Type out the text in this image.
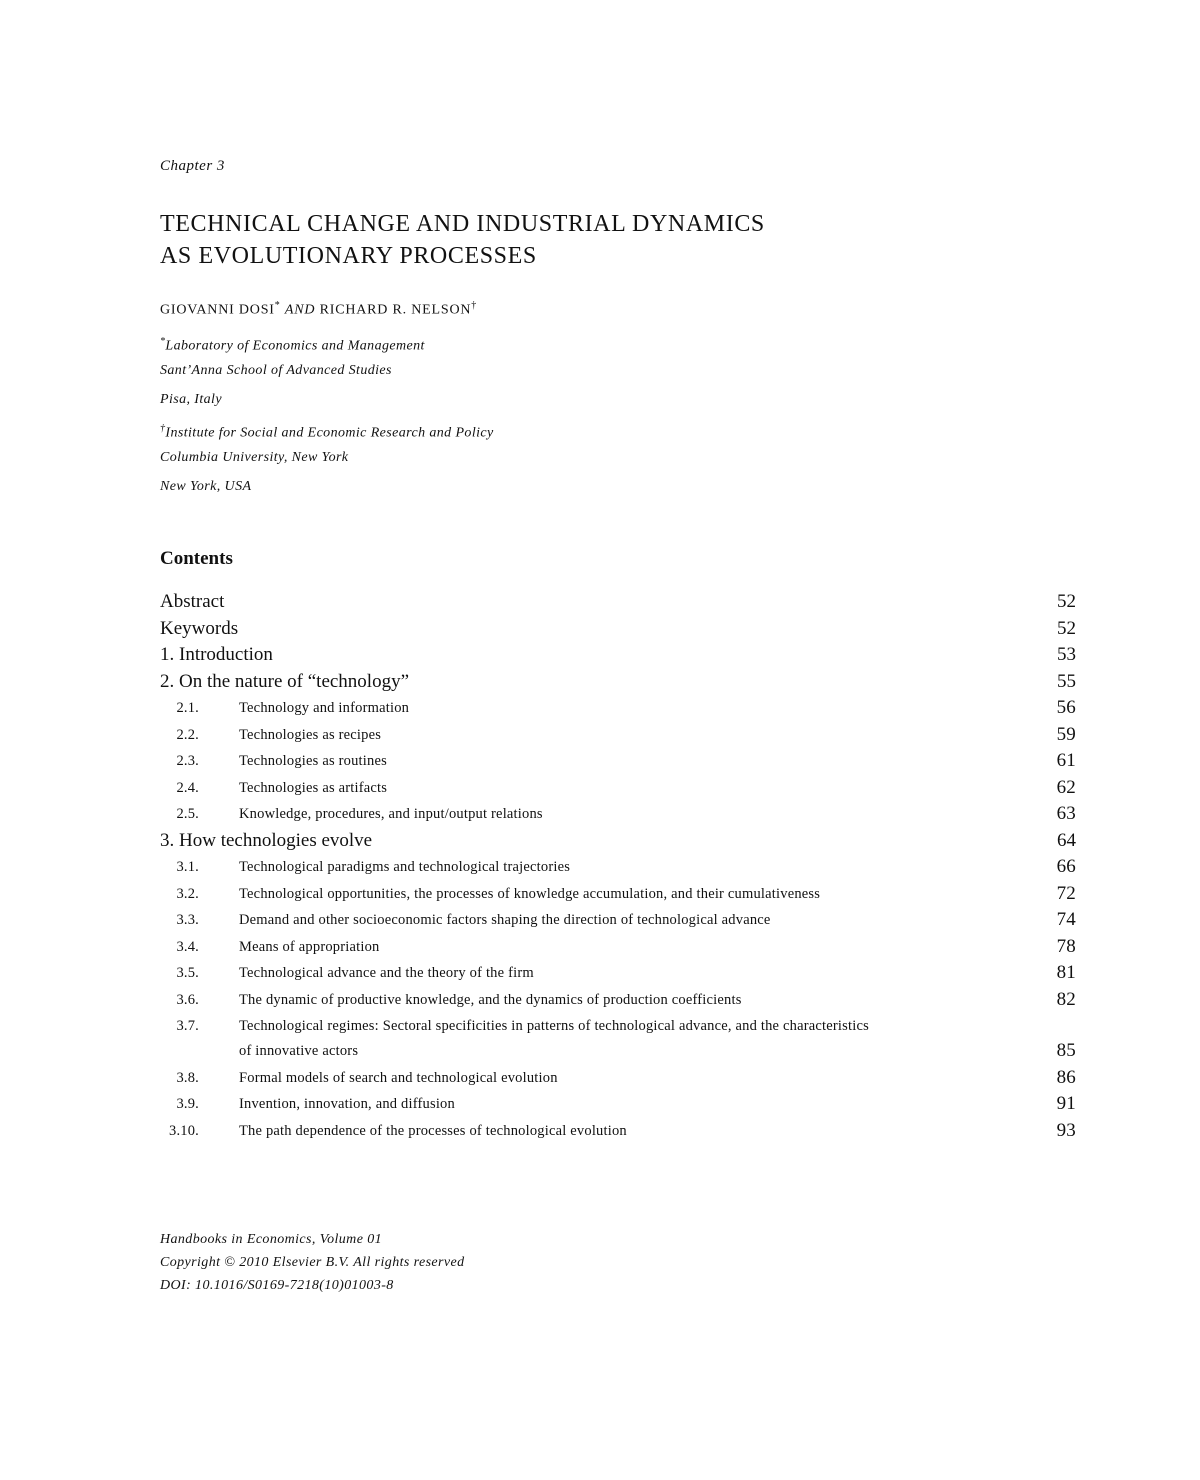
Chapter 3
TECHNICAL CHANGE AND INDUSTRIAL DYNAMICS
AS EVOLUTIONARY PROCESSES
GIOVANNI DOSI* AND RICHARD R. NELSON†
*Laboratory of Economics and Management
Sant’Anna School of Advanced Studies
Pisa, Italy
†Institute for Social and Economic Research and Policy
Columbia University, New York
New York, USA
Contents
Abstract	52
Keywords	52
1. Introduction	53
2. On the nature of “technology”	55
2.1.	Technology and information	56
2.2.	Technologies as recipes	59
2.3.	Technologies as routines	61
2.4.	Technologies as artifacts	62
2.5.	Knowledge, procedures, and input/output relations	63
3. How technologies evolve	64
3.1.	Technological paradigms and technological trajectories	66
3.2.	Technological opportunities, the processes of knowledge accumulation, and their cumulativeness	72
3.3.	Demand and other socioeconomic factors shaping the direction of technological advance	74
3.4.	Means of appropriation	78
3.5.	Technological advance and the theory of the firm	81
3.6.	The dynamic of productive knowledge, and the dynamics of production coefficients	82
3.7.	Technological regimes: Sectoral specificities in patterns of technological advance, and the characteristics
of innovative actors	85
3.8.	Formal models of search and technological evolution	86
3.9.	Invention, innovation, and diffusion	91
3.10.	The path dependence of the processes of technological evolution	93
Handbooks in Economics, Volume 01
Copyright © 2010 Elsevier B.V. All rights reserved
DOI: 10.1016/S0169-7218(10)01003-8
